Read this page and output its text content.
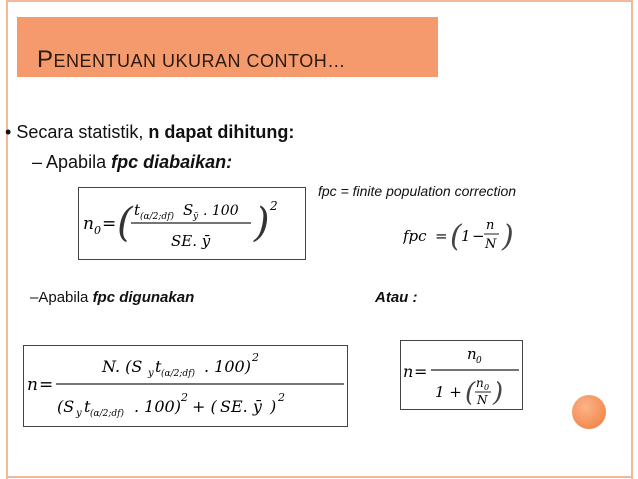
PENENTUAN UKURAN CONTOH…
• Secara statistik, n dapat dihitung:
– Apabila fpc diabaikan:
fpc = finite population correction
n 0 = ( t (α/2;df) S ȳ . 100
SE. ȳ ) 2
fpc = ( 1 −
n
N )
–Apabila fpc digunakan	Atau :
n =
N. (S y t (α/2;df) . 100) 2
(S y t (α/2;df) . 100) 2 + ( SE. ȳ ) 2
n =
n 0
1 + ( n 0
N )
